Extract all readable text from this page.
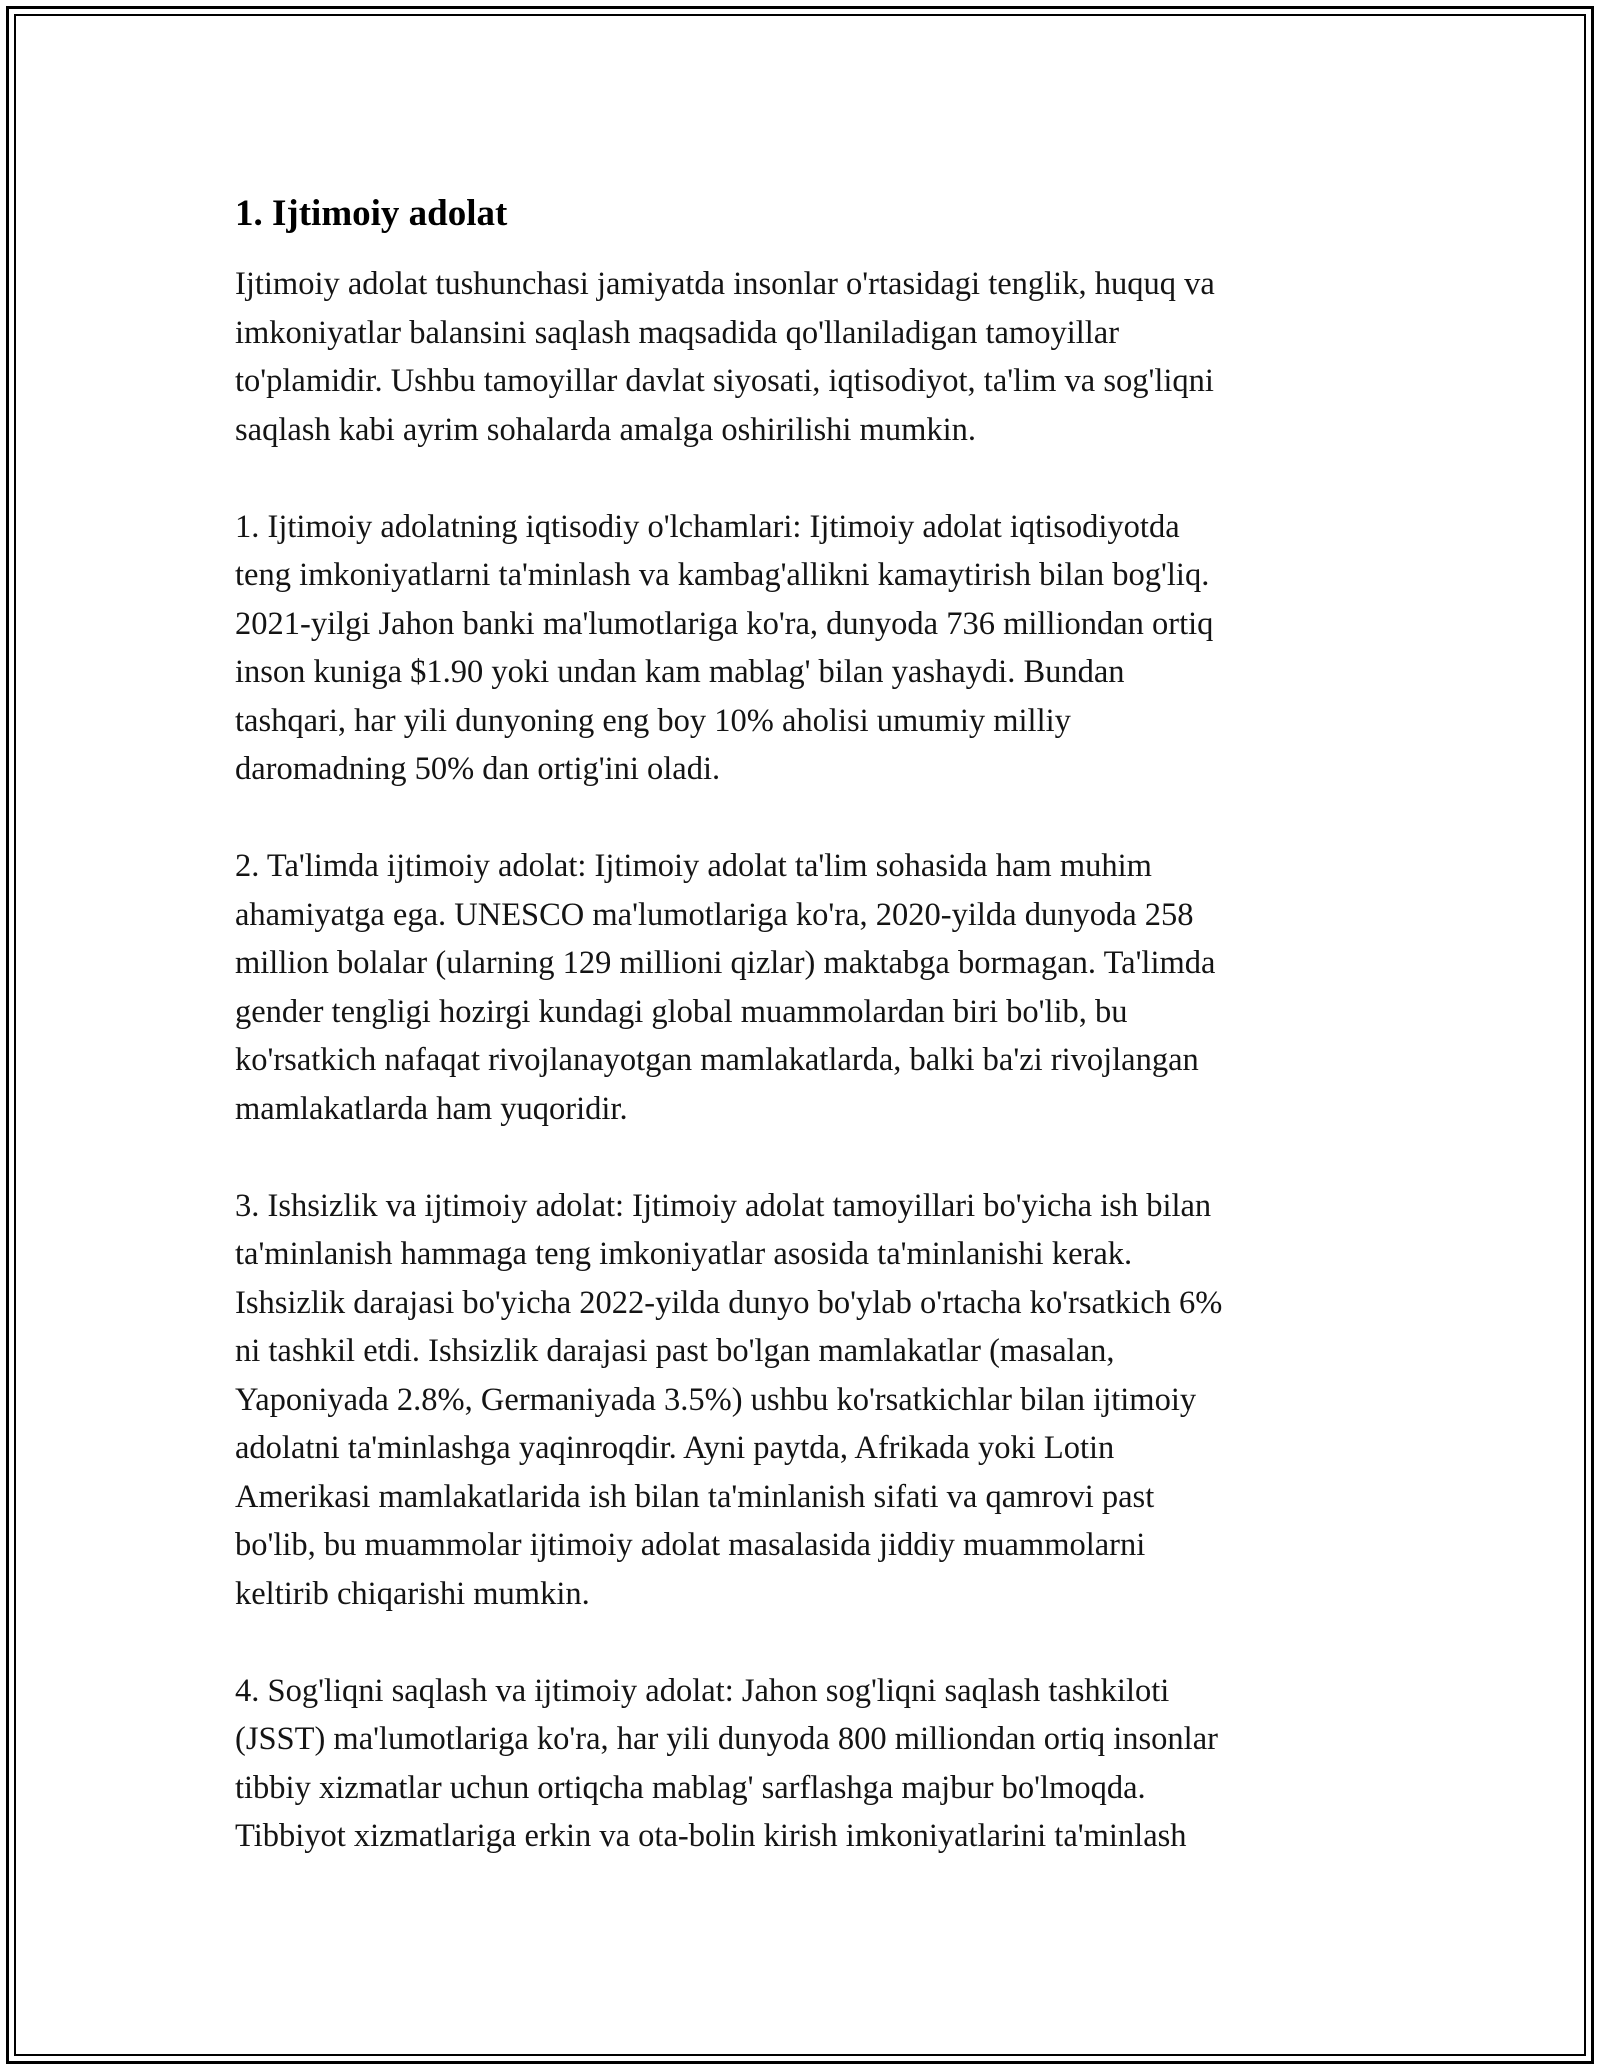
1. Ijtimoiy adolat

Ijtimoiy adolat tushunchasi jamiyatda insonlar o'rtasidagi tenglik, huquq va
imkoniyatlar balansini saqlash maqsadida qo'llaniladigan tamoyillar
to'plamidir. Ushbu tamoyillar davlat siyosati, iqtisodiyot, ta'lim va sog'liqni
saqlash kabi ayrim sohalarda amalga oshirilishi mumkin.

1. Ijtimoiy adolatning iqtisodiy o'lchamlari: Ijtimoiy adolat iqtisodiyotda
teng imkoniyatlarni ta'minlash va kambag'allikni kamaytirish bilan bog'liq.
2021-yilgi Jahon banki ma'lumotlariga ko'ra, dunyoda 736 milliondan ortiq
inson kuniga $1.90 yoki undan kam mablag' bilan yashaydi. Bundan
tashqari, har yili dunyoning eng boy 10% aholisi umumiy milliy
daromadning 50% dan ortig'ini oladi.

2. Ta'limda ijtimoiy adolat: Ijtimoiy adolat ta'lim sohasida ham muhim
ahamiyatga ega. UNESCO ma'lumotlariga ko'ra, 2020-yilda dunyoda 258
million bolalar (ularning 129 millioni qizlar) maktabga bormagan. Ta'limda
gender tengligi hozirgi kundagi global muammolardan biri bo'lib, bu
ko'rsatkich nafaqat rivojlanayotgan mamlakatlarda, balki ba'zi rivojlangan
mamlakatlarda ham yuqoridir.

3. Ishsizlik va ijtimoiy adolat: Ijtimoiy adolat tamoyillari bo'yicha ish bilan
ta'minlanish hammaga teng imkoniyatlar asosida ta'minlanishi kerak.
Ishsizlik darajasi bo'yicha 2022-yilda dunyo bo'ylab o'rtacha ko'rsatkich 6%
ni tashkil etdi. Ishsizlik darajasi past bo'lgan mamlakatlar (masalan,
Yaponiyada 2.8%, Germaniyada 3.5%) ushbu ko'rsatkichlar bilan ijtimoiy
adolatni ta'minlashga yaqinroqdir. Ayni paytda, Afrikada yoki Lotin
Amerikasi mamlakatlarida ish bilan ta'minlanish sifati va qamrovi past
bo'lib, bu muammolar ijtimoiy adolat masalasida jiddiy muammolarni
keltirib chiqarishi mumkin.

4. Sog'liqni saqlash va ijtimoiy adolat: Jahon sog'liqni saqlash tashkiloti
(JSST) ma'lumotlariga ko'ra, har yili dunyoda 800 milliondan ortiq insonlar
tibbiy xizmatlar uchun ortiqcha mablag' sarflashga majbur bo'lmoqda.
Tibbiyot xizmatlariga erkin va ota-bolin kirish imkoniyatlarini ta'minlash
